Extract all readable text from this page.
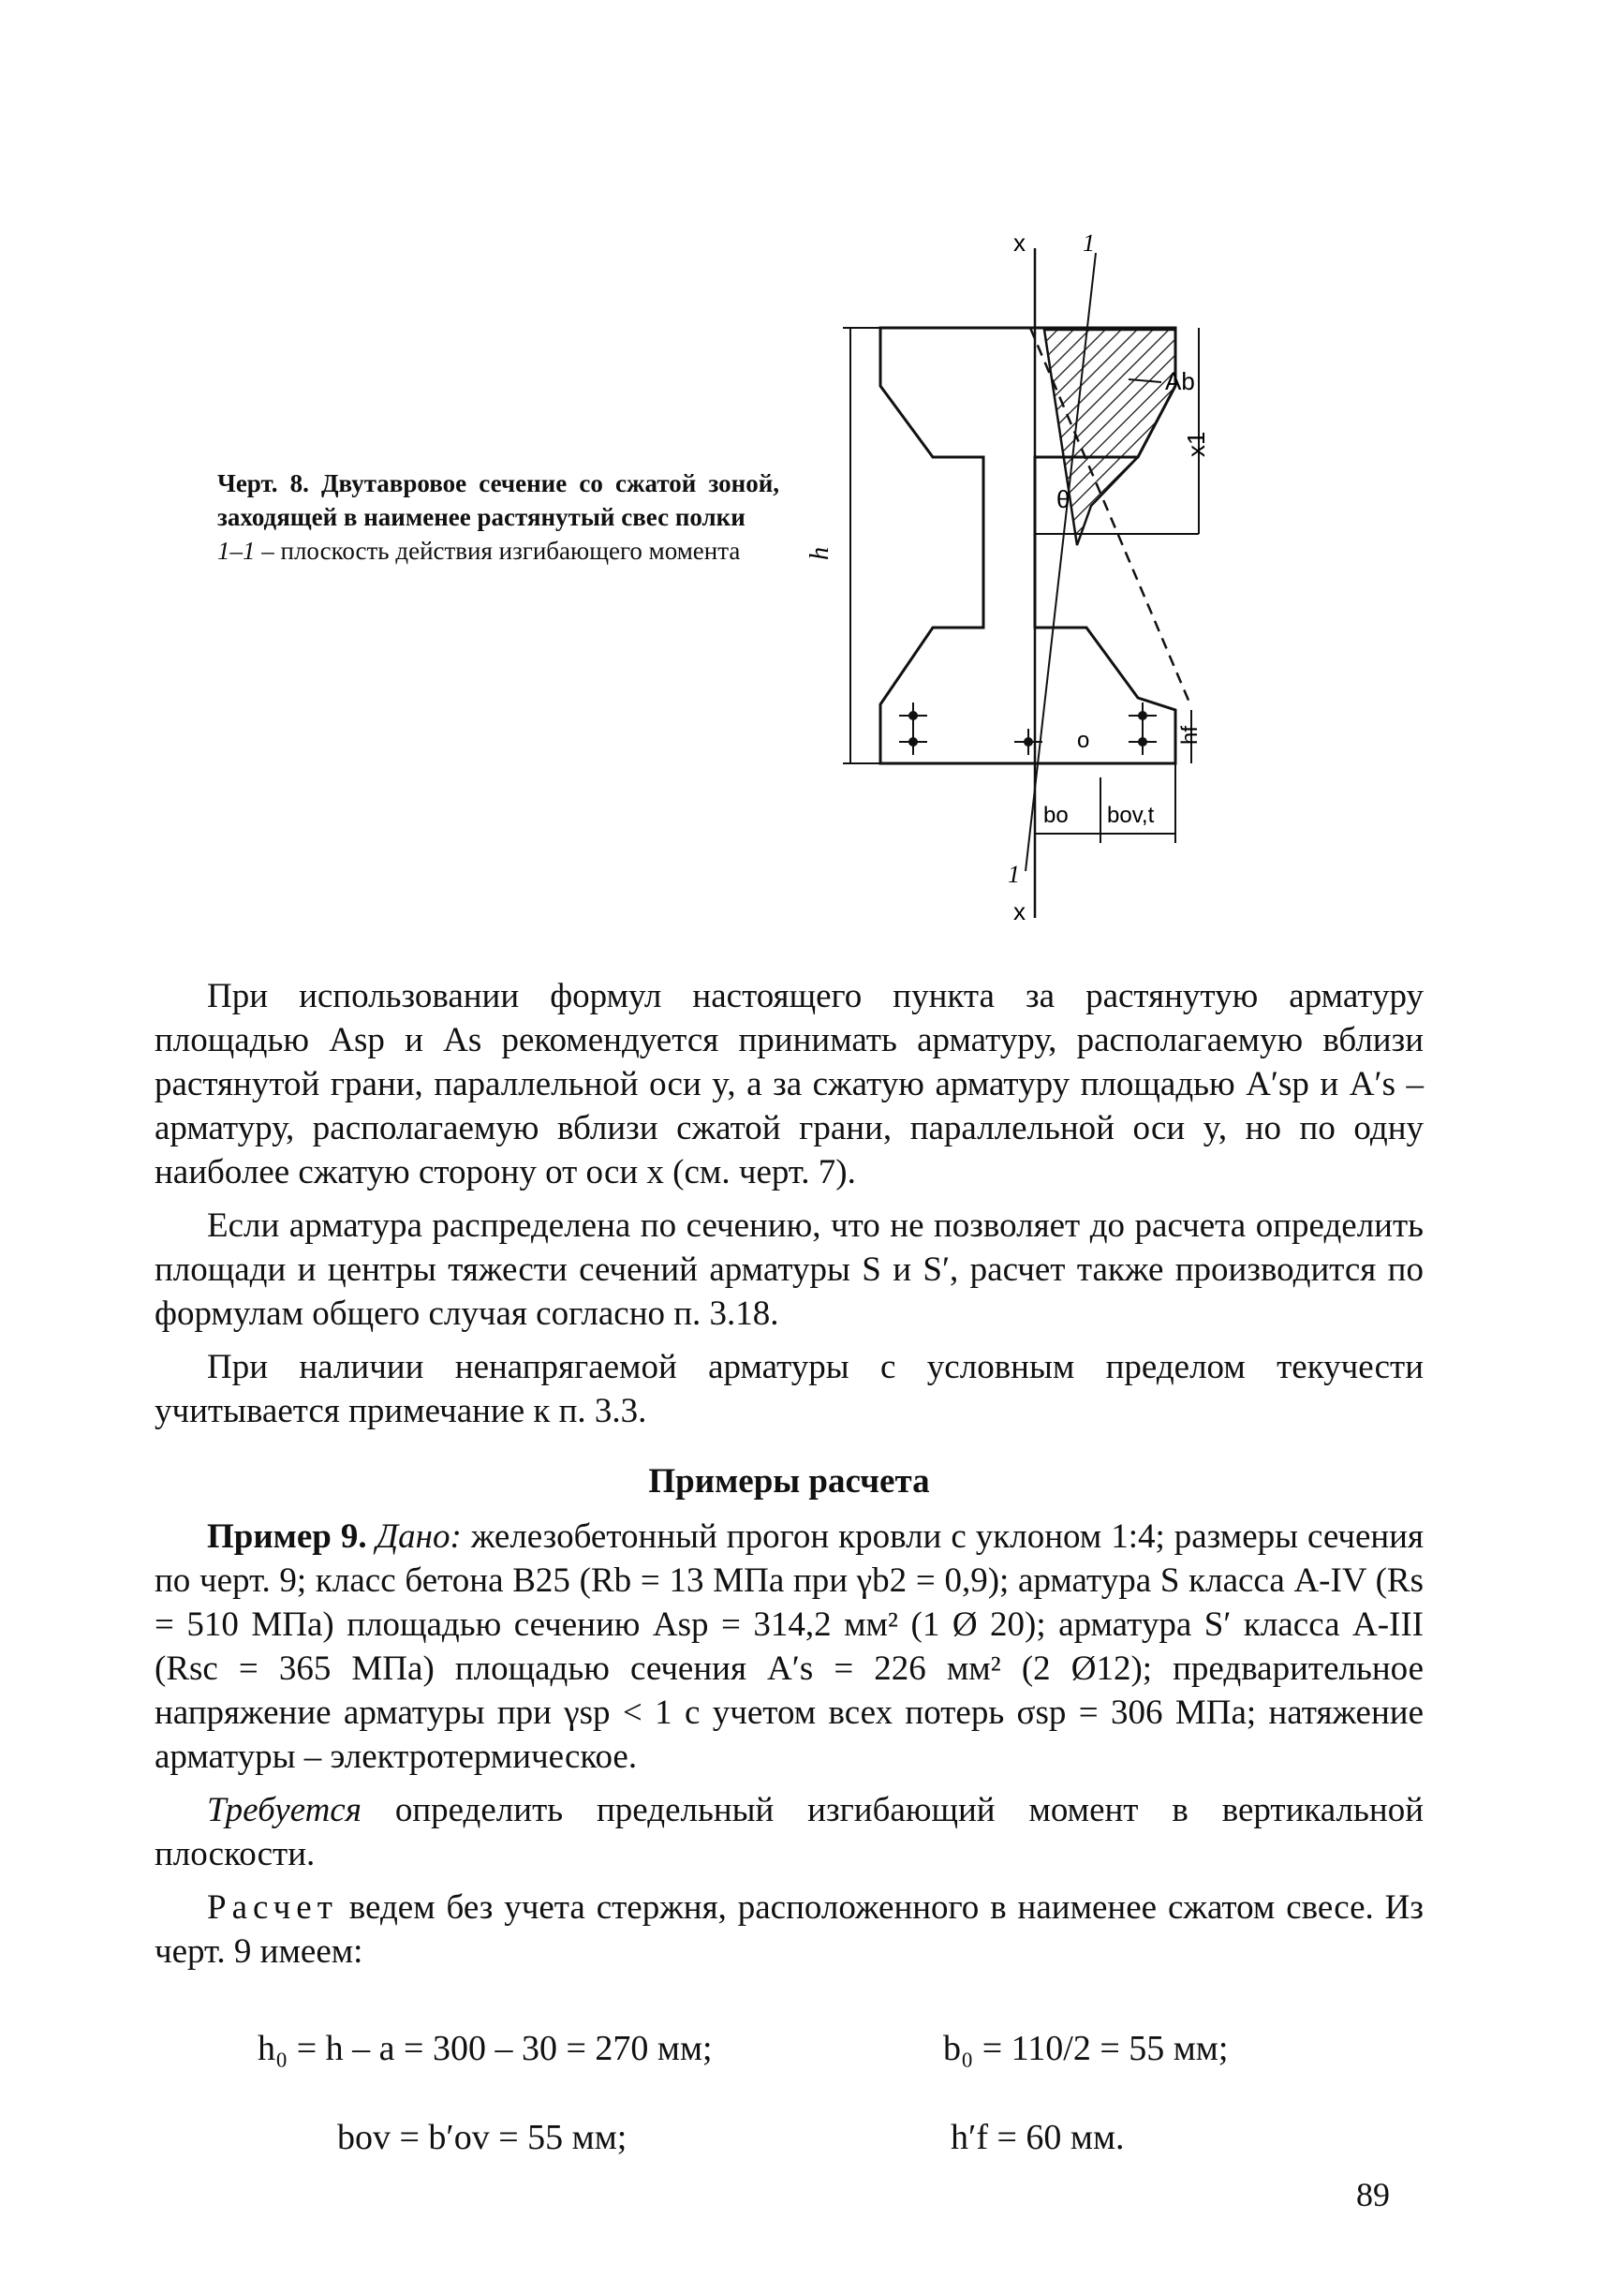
Черт. 8. Двутавровое сечение со сжатой зоной, заходящей в наименее растянутый свес полки
1–1 – плоскость действия изгибающего момента
x
x
1
1
x1
Ab
θ
h
hf
o
bo bov,t

При использовании формул настоящего пункта за растянутую арматуру площадью Asp и As рекомендуется принимать арматуру, располагаемую вблизи растянутой грани, параллельной оси y, а за сжатую арматуру площадью A′sp и A′s – арматуру, располагаемую вблизи сжатой грани, параллельной оси y, но по одну наиболее сжатую сторону от оси x (см. черт. 7).

Если арматура распределена по сечению, что не позволяет до расчета определить площади и центры тяжести сечений арматуры S и S′, расчет также производится по формулам общего случая согласно п. 3.18.

При наличии ненапрягаемой арматуры с условным пределом текучести учитывается примечание к п. 3.3.

Примеры расчета

Пример 9. Дано: железобетонный прогон кровли с уклоном 1:4; размеры сечения по черт. 9; класс бетона В25 (Rb = 13 МПа при γb2 = 0,9); арматура S класса A-IV (Rs = 510 МПа) площадью сечению Asp = 314,2 мм² (1 Ø 20); арматура S′ класса A-III (Rsc = 365 МПа) площадью сечения A′s = 226 мм² (2 Ø12); предварительное напряжение арматуры при γsp < 1 с учетом всех потерь σsp = 306 МПа; натяжение арматуры – электротермическое.

Требуется определить предельный изгибающий момент в вертикальной плоскости.

Расчет ведем без учета стержня, расположенного в наименее сжатом свесе. Из черт. 9 имеем:

h₀ = h – a = 300 – 30 = 270 мм;	b₀ = 110/2 = 55 мм;
bov = b′ov = 55 мм;	h′f = 60 мм.
89
